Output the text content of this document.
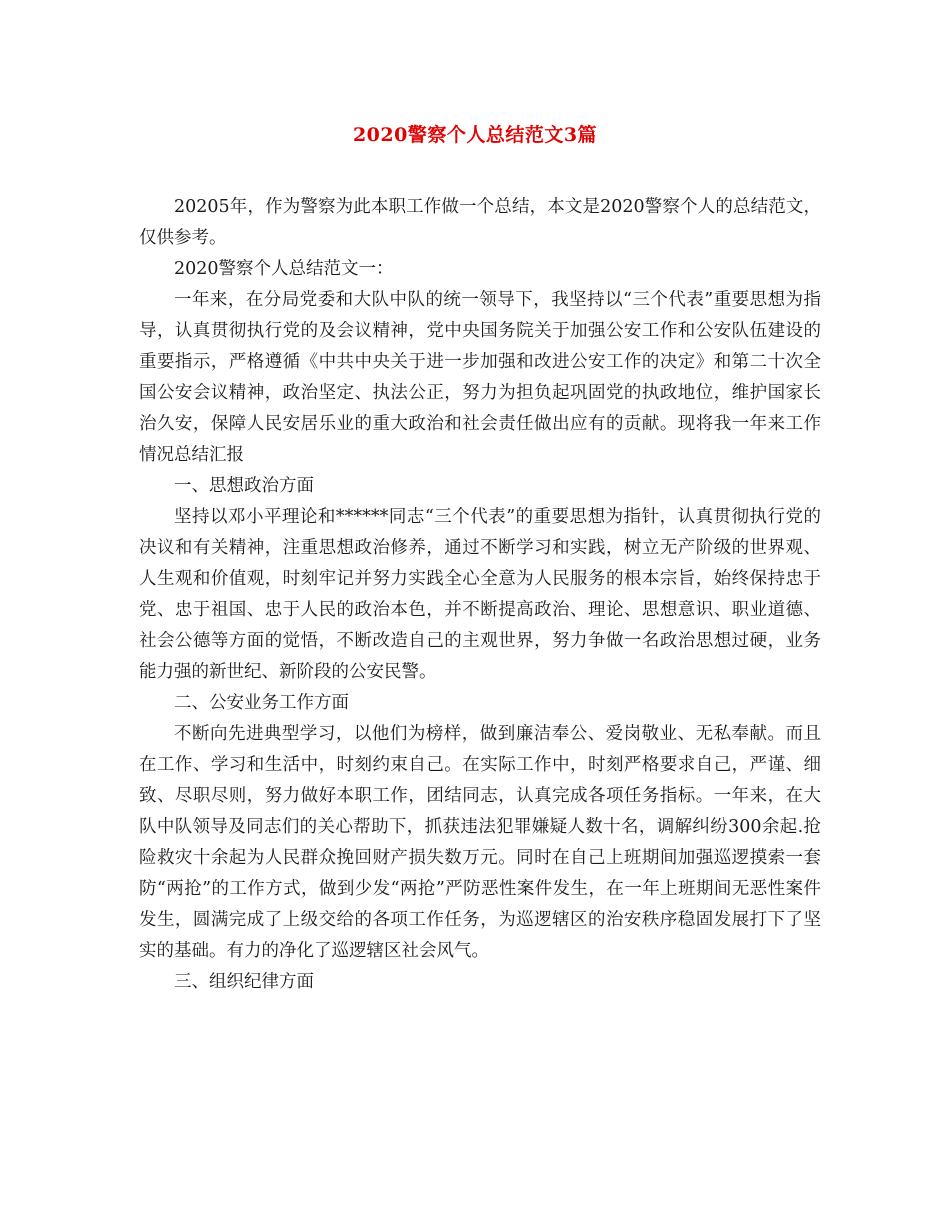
2020警察个人总结范文3篇

20205年，作为警察为此本职工作做一个总结，本文是2020警察个人的总结范文，仅供参考。

2020警察个人总结范文一：

一年来，在分局党委和大队中队的统一领导下，我坚持以“三个代表”重要思想为指导，认真贯彻执行党的及会议精神，党中央国务院关于加强公安工作和公安队伍建设的重要指示，严格遵循《中共中央关于进一步加强和改进公安工作的决定》和第二十次全国公安会议精神，政治坚定、执法公正，努力为担负起巩固党的执政地位，维护国家长治久安，保障人民安居乐业的重大政治和社会责任做出应有的贡献。现将我一年来工作情况总结汇报

一、思想政治方面

坚持以邓小平理论和******同志“三个代表”的重要思想为指针，认真贯彻执行党的决议和有关精神，注重思想政治修养，通过不断学习和实践，树立无产阶级的世界观、人生观和价值观，时刻牢记并努力实践全心全意为人民服务的根本宗旨，始终保持忠于党、忠于祖国、忠于人民的政治本色，并不断提高政治、理论、思想意识、职业道德、社会公德等方面的觉悟，不断改造自己的主观世界，努力争做一名政治思想过硬，业务能力强的新世纪、新阶段的公安民警。

二、公安业务工作方面

不断向先进典型学习，以他们为榜样，做到廉洁奉公、爱岗敬业、无私奉献。而且在工作、学习和生活中，时刻约束自己。在实际工作中，时刻严格要求自己，严谨、细致、尽职尽则，努力做好本职工作，团结同志，认真完成各项任务指标。一年来，在大队中队领导及同志们的关心帮助下，抓获违法犯罪嫌疑人数十名，调解纠纷300余起.抢险救灾十余起为人民群众挽回财产损失数万元。同时在自己上班期间加强巡逻摸索一套防“两抢”的工作方式，做到少发“两抢”严防恶性案件发生，在一年上班期间无恶性案件发生，圆满完成了上级交给的各项工作任务，为巡逻辖区的治安秩序稳固发展打下了坚实的基础。有力的净化了巡逻辖区社会风气。

三、组织纪律方面
